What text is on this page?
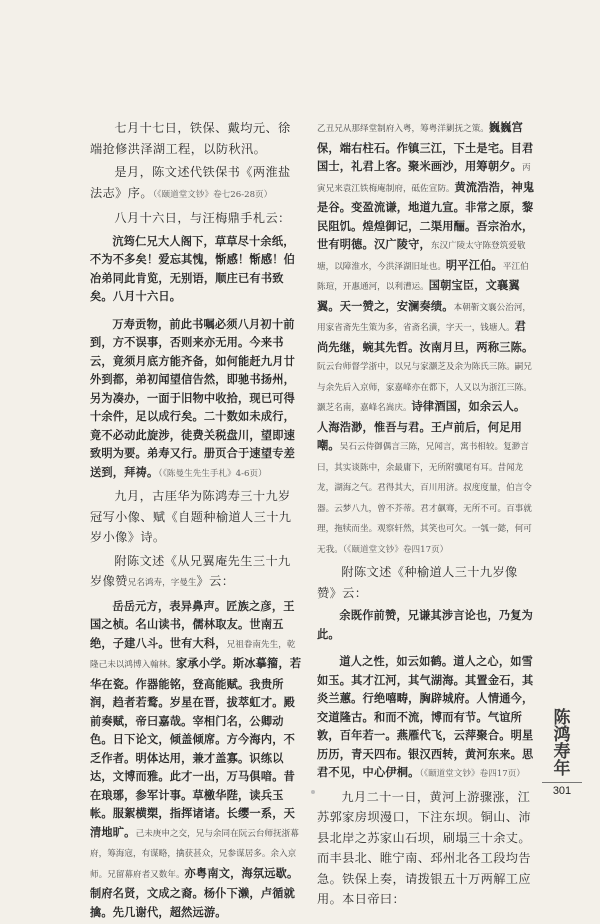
七月十七日，铁保、戴均元、徐端抢修洪泽湖工程，以防秋汛。

是月，陈文述代铁保书《两淮盐法志》序。（《颐道堂文钞》卷七26-28页）

八月十六日，与汪梅鼎手札云：

沆筠仁兄大人阁下，草草尽十余纸，不为不多矣！爱忘其愧，惭感！惭感！伯冶弟同此肯览，无别语，顺庄已有书致矣。八月十六日。

万寿贡物，前此书嘱必须八月初十前到，方不误事，否则来亦无用。今来书云，竟须月底方能齐备，如何能赶九月廿外到都，弟初闻望信告然，即驰书扬州，另为凑办，一面于旧物中收拾，现已可得十余件，足以成行矣。二十数如未成行，竟不必动此旋涉，徒费关税盘川，望即速致明为要。弟寿又行。册页合于速望专差送到，拜祷。（《陈曼生先生手札》4-6页）

九月，古厓华为陈鸿寿三十九岁冠写小像、赋《自题种榆道人三十九岁小像》诗。

附陈文述《从兄翼庵先生三十九岁像赞兄名鸿寿，字曼生》云：

岳岳元方，表异鼻声。匠族之彦，王国之桢。名山读书，儒林取友。世南五绝，子建八斗。世有大科，兄祖眷南先生，乾隆己未以鸿博入翰林。家承小学。斯冰摹籀，若华在瓷。作器能铭，登高能赋。我贵所润，趋者若鹜。岁星在晋，拔萃虹才。殿前奏赋，帝曰嘉哉。宰相门名，公卿动色。日下论文，倾盖倾席。方今海内，不乏作者。明体达用，兼才盖寡。识练以达，文博而雅。此才一出，万马俱喑。昔在琅琊，参军计事。草檄华陛，读兵玉帐。服絮横槊，指挥诸诸。长缨一系，天清地旷。己未庚申之交，兄与余同在阮云台师抚浙幕府，筹海寇，有谋略，擒获甚众，兄参谋居多。余入京师。兄留幕府者又数年。亦粤南文，海氛远歇。制府名贤，文成之裔。杨仆下濑，卢循就擒。先几谢代，超然远游。

乙丑兄从那绎堂制府入粤，筹粤洋剿抚之策。巍巍宫保，端右柱石。作镇三江，下土是宅。目君国士，礼君上客。聚米画沙，用筹朝夕。丙寅兄来袁江铁梅庵制府，砥佐宣防。黄流浩浩，神鬼是谷。变盈流谦，地道九宣。非常之原，黎民阻饥。煌煌御记，二渠用酾。吾宗治水，世有明德。汉广陵守，东汉广陵太守陈登筑爱敬塘，以障淮水，今洪泽湖旧址也。明平江伯。平江伯陈瑄，开惠通河，以利漕运。国朝宝臣，文襄翼翼。天一赞之，安澜奏绩。本朝靳文襄公治河，用家省斋先生策为多，省斋名潢，字天一，钱塘人。君尚先继，蜿其先哲。汝南月旦，两称三陈。阮云台师督学浙中，以兄与家灏芝及余为陈氏三陈。嗣兄与余先后入京师，家嘉峰亦在都下，人又以为浙江三陈。灏芝名南，嘉峰名嵩庆。诗律酒国，如余云人。人海浩渺，惟吾与君。王卢前后，何足用嘲。吴石云侍御偶言三陈，兄闻言，寓书相较。复渺言曰，其实谈陈中，余最庸下，无所附骥尾有耳。昔闻龙龙，湖海之气。君得其大，百川用济。叔度度量，伯言令器。云梦八九，曾不芥蒂。君才飙骞，无所不可。百事就理，拖犊而坐。观察轩然，其笑也可欠。一瓠一懿，何可无我。（《颐道堂文钞》卷四17页）

附陈文述《种榆道人三十九岁像赞》云：

余既作前赞，兄谦其涉言论也，乃复为此。

道人之性，如云如鹤。道人之心，如雪如玉。其才江河，其气湖海。其置金石，其炎兰蕙。行绝嘻畴，胸辟城府。人情通今，交道隆古。和而不流，博而有节。气谊所敦，百年若一。燕雁代飞，云萍聚合。明星历历，青天四布。银汉西转，黄河东来。思君不见，中心伊桐。（《颐道堂文钞》卷四17页）

九月二十一日，黄河上游骤涨，江苏郭家房坝漫口，下注东坝。铜山、沛县北岸之苏家山石坝，刷塌三十余丈。而丰县北、睢宁南、邳州北各工段均告急。铁保上奏，请拨银五十万两解工应用。本日帝曰：

陈
鸿
寿
年
301
